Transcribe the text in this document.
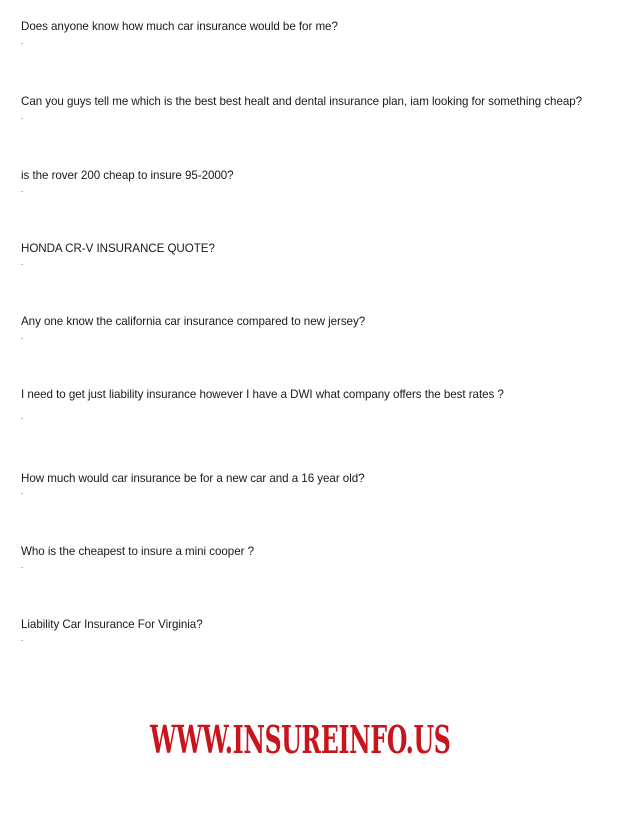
Does anyone know how much car insurance would be for me?
.
Can you guys tell me which is the best best healt and dental insurance plan, iam looking for something cheap?
.
is the rover 200 cheap to insure 95-2000?
.
HONDA CR-V INSURANCE QUOTE?
.
Any one know the california car insurance compared to new jersey?
.
I need to get just liability insurance however I have a DWI what company offers the best rates ?
.
How much would car insurance be for a new car and a 16 year old?
.
Who is the cheapest to insure a mini cooper ?
.
Liability Car Insurance For Virginia?
.
WWW.INSUREINFO.US
